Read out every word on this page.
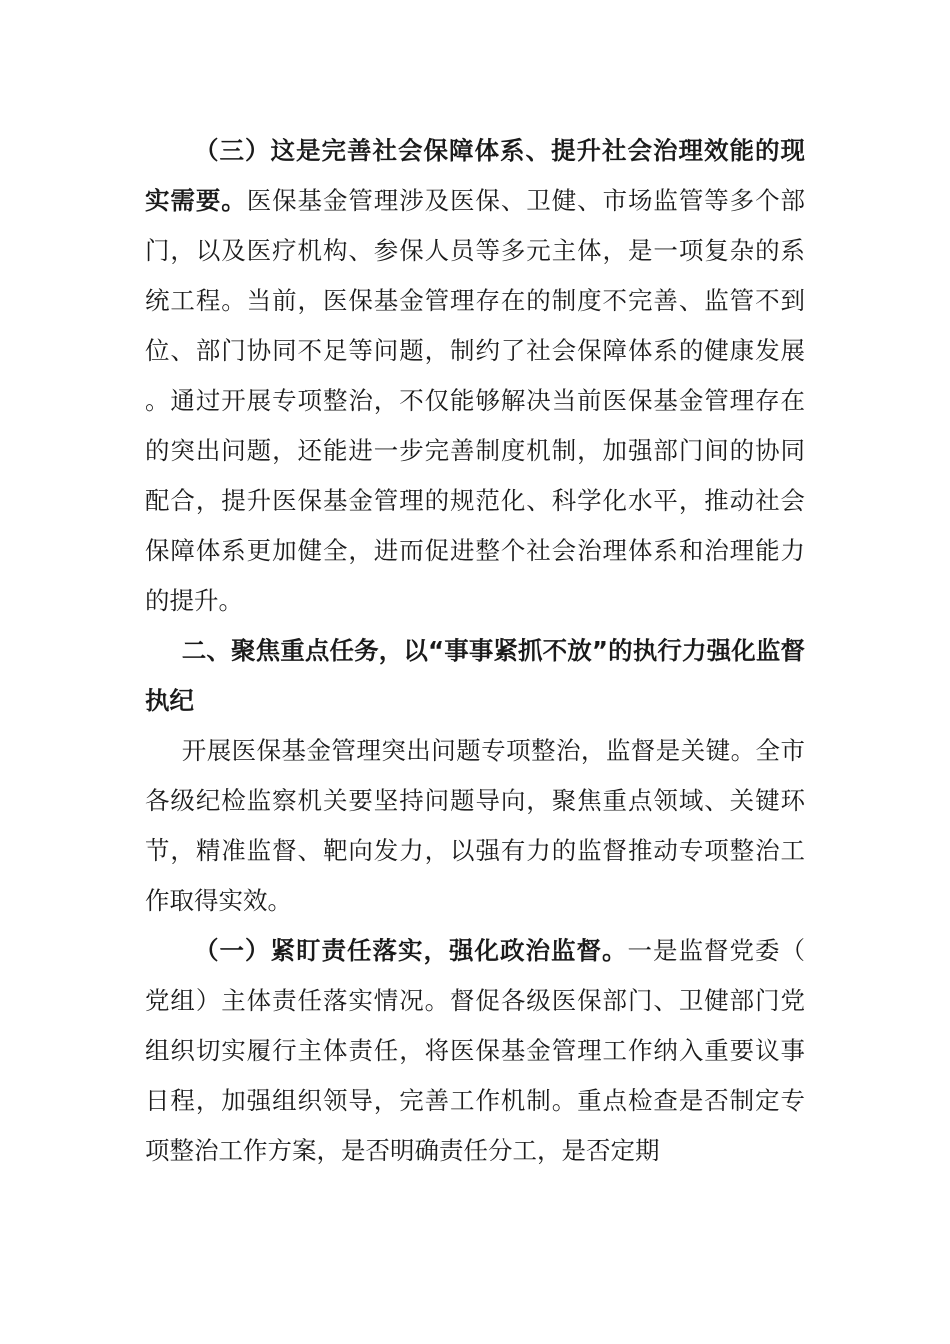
（三）这是完善社会保障体系、提升社会治理效能的现实需要。医保基金管理涉及医保、卫健、市场监管等多个部门，以及医疗机构、参保人员等多元主体，是一项复杂的系统工程。当前，医保基金管理存在的制度不完善、监管不到位、部门协同不足等问题，制约了社会保障体系的健康发展。通过开展专项整治，不仅能够解决当前医保基金管理存在的突出问题，还能进一步完善制度机制，加强部门间的协同配合，提升医保基金管理的规范化、科学化水平，推动社会保障体系更加健全，进而促进整个社会治理体系和治理能力的提升。

二、聚焦重点任务，以“事事紧抓不放”的执行力强化监督执纪

开展医保基金管理突出问题专项整治，监督是关键。全市各级纪检监察机关要坚持问题导向，聚焦重点领域、关键环节，精准监督、靶向发力，以强有力的监督推动专项整治工作取得实效。

（一）紧盯责任落实，强化政治监督。一是监督党委（党组）主体责任落实情况。督促各级医保部门、卫健部门党组织切实履行主体责任，将医保基金管理工作纳入重要议事日程，加强组织领导，完善工作机制。重点检查是否制定专项整治工作方案，是否明确责任分工，是否定期
